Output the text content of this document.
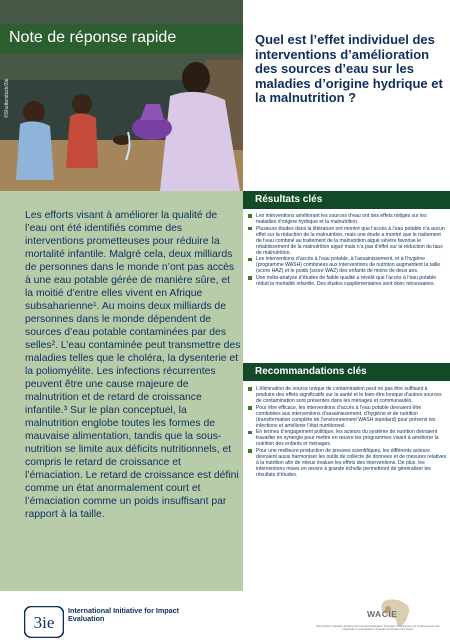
Note de réponse rapide
©Shutterstock/3ie
Quel est l’effet individuel des interventions d’amélioration des sources d’eau sur les maladies d’origine hydrique et la malnutrition ?

Les efforts visant à améliorer la qualité de l’eau ont été identifiés comme des interventions prometteuses pour réduire la mortalité infantile. Malgré cela, deux milliards de personnes dans le monde n’ont pas accès à une eau potable gérée de manière sûre, et la moitié d’entre elles vivent en Afrique subsaharienne¹. Au moins deux milliards de personnes dans le monde dépendent de sources d’eau potable contaminées par des selles². L’eau contaminée peut transmettre des maladies telles que le choléra, la dysenterie et la poliomyélite. Les infections récurrentes peuvent être une cause majeure de malnutrition et de retard de croissance infantile.³ Sur le plan conceptuel, la malnutrition englobe toutes les formes de mauvaise alimentation, tandis que la sous-nutrition se limite aux déficits nutritionnels, et compris le retard de croissance et l’émaciation. Le retard de croissance est défini comme un état anormalement court et l’émaciation comme un poids insuffisant par rapport à la taille.

Résultats clés
Les interventions améliorant les sources d’eau ont des effets mitigés sur les maladies d’origine hydrique et la malnutrition.
Plusieurs études dans la littérature ont montré que l’accès à l’eau potable n’a aucun effet sur la réduction de la malnutrition, mais une étude a montré que le traitement de l’eau combiné au traitement de la malnutrition aiguë sévère favorise le rétablissement de la malnutrition aiguë mais n’a pas d’effet sur la réduction du taux de malnutrition.
Les interventions d’accès à l’eau potable, à l’assainissement, et à l’hygiène (programme WASH) combinées aux interventions de nutrition augmentent la taille (score HAZ) et le poids (score WAZ) des enfants de moins de deux ans.
Une méta-analyse d’études de faible qualité a révélé que l’accès à l’eau potable réduit la mortalité infantile. Des études supplémentaires sont donc nécessaires.
Recommandations clés
L’élimination de source unique de contamination peut ne pas être suffisant à produire des effets significatifs sur la santé et le bien-être lorsque d’autres sources de contamination sont présentes dans les ménages et communautés.
Pour être efficace, les interventions d’accès à l’eau potable devraient être combinées aux interventions d’assainissement, d’hygiène et de nutrition (transformation complète de l’environnement WASH standard) pour prévenir les infections et améliorer l’état nutritionnel.
En termes d’engagement politique, les acteurs du système de nutrition devraient travailler en synergie pour mettre en œuvre les programmes visant à améliorer la nutrition des enfants et ménages.
Pour une meilleure production de preuves scientifiques, les différents acteurs devraient aussi harmoniser les outils de collecte de données et de mesures relatives à la nutrition afin de mieux évaluer les effets des interventions. De plus, les interventions mises en œuvre à grande échelle permettront de généraliser les résultats d’études.
3ie
International Initiative for Impact Evaluation	WACIE
West Africa Capacity-building and Impact Evaluation Program / Programme de renforcement des capacités et d’évaluation d’impact en Afrique de l’Ouest
